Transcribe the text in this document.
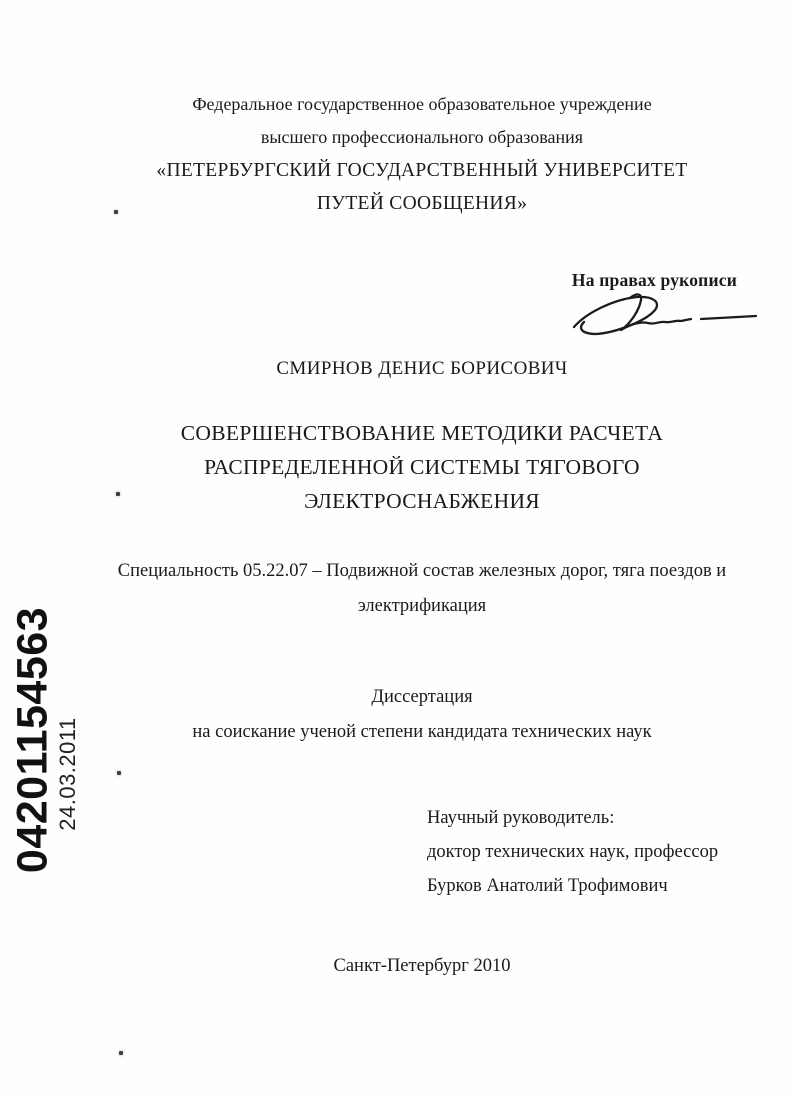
Федеральное государственное образовательное учреждение
высшего профессионального образования
«ПЕТЕРБУРГСКИЙ ГОСУДАРСТВЕННЫЙ УНИВЕРСИТЕТ
ПУТЕЙ СООБЩЕНИЯ»
На правах рукописи
СМИРНОВ ДЕНИС БОРИСОВИЧ
СОВЕРШЕНСТВОВАНИЕ МЕТОДИКИ РАСЧЕТА
РАСПРЕДЕЛЕННОЙ СИСТЕМЫ ТЯГОВОГО
ЭЛЕКТРОСНАБЖЕНИЯ
Специальность 05.22.07 – Подвижной состав железных дорог, тяга поездов и
электрификация
Диссертация
на соискание ученой степени кандидата технических наук
Научный руководитель:
доктор технических наук, профессор
Бурков Анатолий Трофимович
Санкт-Петербург 2010
04201154563
24.03.2011
